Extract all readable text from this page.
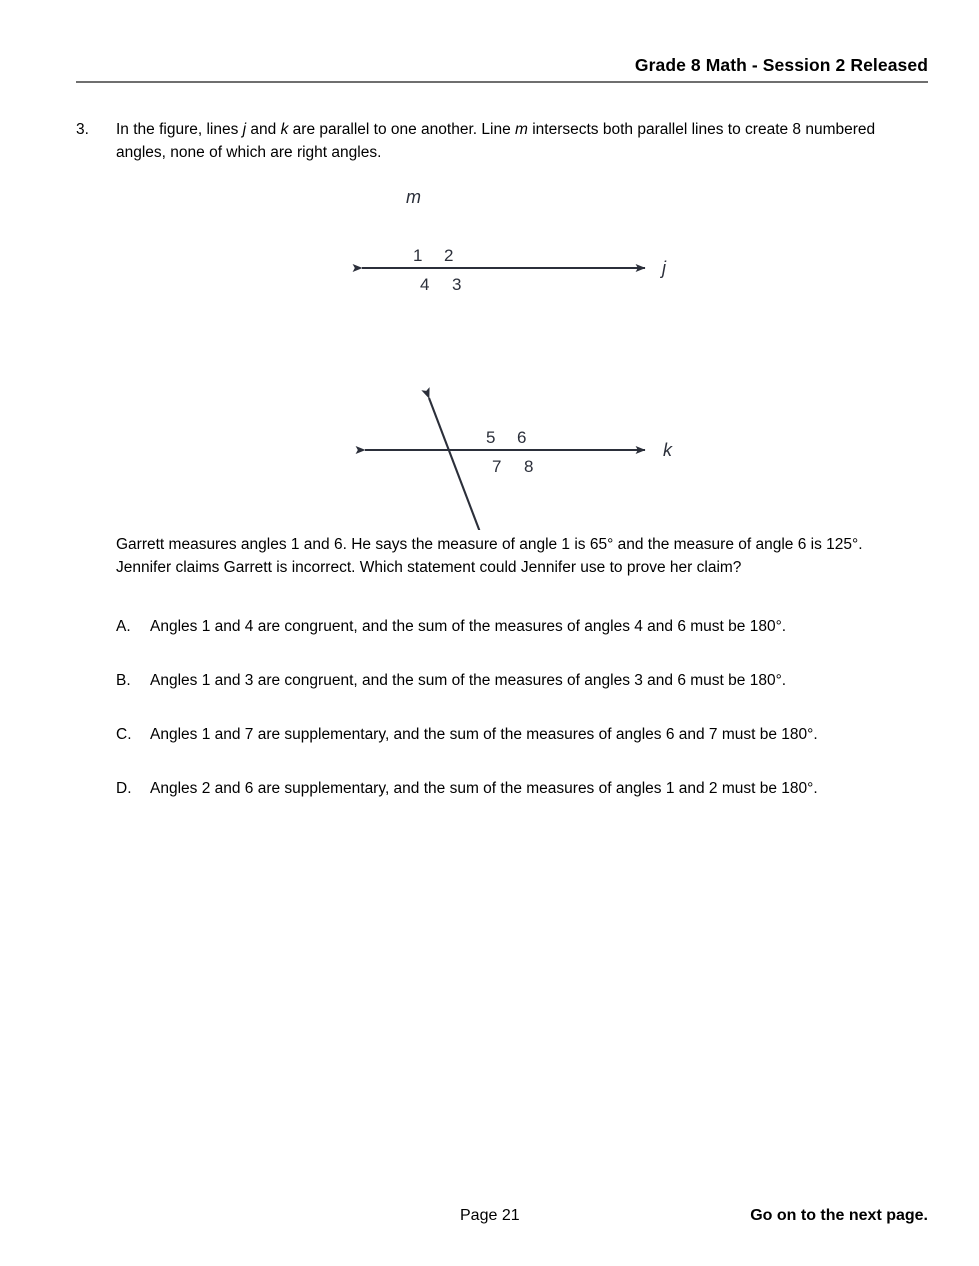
Grade 8 Math - Session 2 Released
3.	In the figure, lines j and k are parallel to one another. Line m intersects both parallel lines to create 8 numbered angles, none of which are right angles.
m
j
k
1 2
3
4
5 6
7 8
Garrett measures angles 1 and 6. He says the measure of angle 1 is 65° and the measure of angle 6 is 125°. Jennifer claims Garrett is incorrect. Which statement could Jennifer use to prove her claim?
A.	Angles 1 and 4 are congruent, and the sum of the measures of angles 4 and 6 must be 180°.
B.	Angles 1 and 3 are congruent, and the sum of the measures of angles 3 and 6 must be 180°.
C.	Angles 1 and 7 are supplementary, and the sum of the measures of angles 6 and 7 must be 180°.
D.	Angles 2 and 6 are supplementary, and the sum of the measures of angles 1 and 2 must be 180°.
Page 21	Go on to the next page.
